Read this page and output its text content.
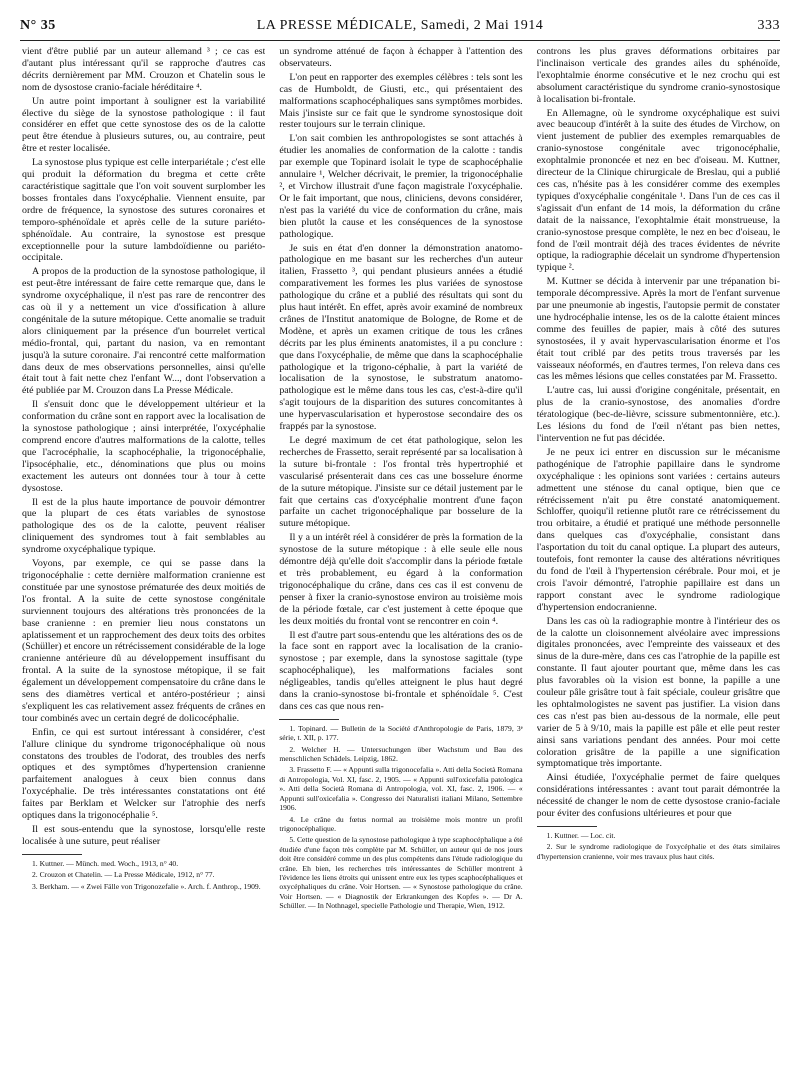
N° 35	LA PRESSE MÉDICALE, Samedi, 2 Mai 1914	333

vient d'être publié par un auteur allemand ³ ; ce cas est d'autant plus intéressant qu'il se rapproche d'autres cas décrits dernièrement par MM. Crouzon et Chatelin sous le nom de dysostose cranio-faciale héréditaire ⁴.

Un autre point important à souligner est la variabilité élective du siège de la synostose pathologique : il faut considérer en effet que cette synostose des os de la calotte peut être étendue à plusieurs sutures, ou, au contraire, peut être et rester localisée.

La synostose plus typique est celle interpariétale ; c'est elle qui produit la déformation du bregma et cette crête caractéristique sagittale que l'on voit souvent surplomber les bosses frontales dans l'oxycéphalie. Viennent ensuite, par ordre de fréquence, la synostose des sutures coronaires et temporo-sphénoïdale et après celle de la suture pariéto-sphénoïdale. Au contraire, la synostose est presque exceptionnelle pour la suture lambdoïdienne ou pariéto-occipitale.

A propos de la production de la synostose pathologique, il est peut-être intéressant de faire cette remarque que, dans le syndrome oxycéphalique, il n'est pas rare de rencontrer des cas où il y a nettement un vice d'ossification à allure congénitale de la suture métopique. Cette anomalie se traduit alors cliniquement par la présence d'un bourrelet vertical médio-frontal, qui, partant du nasion, va en remontant jusqu'à la suture coronaire. J'ai rencontré cette malformation dans deux de mes observations personnelles, ainsi qu'elle était tout à fait nette chez l'enfant W..., dont l'observation a été publiée par M. Crouzon dans La Presse Médicale.

Il s'ensuit donc que le développement ultérieur et la conformation du crâne sont en rapport avec la localisation de la synostose pathologique ; ainsi interprétée, l'oxycéphalie comprend encore d'autres malformations de la calotte, telles que l'acrocéphalie, la scaphocéphalie, la trigonocéphalie, l'ipsocéphalie, etc., dénominations que plus ou moins exactement les auteurs ont données tour à tour à cette dysostose.

Il est de la plus haute importance de pouvoir démontrer que la plupart de ces états variables de synostose pathologique des os de la calotte, peuvent réaliser cliniquement des syndromes tout à fait semblables au syndrome oxycéphalique typique.

Voyons, par exemple, ce qui se passe dans la trigonocéphalie : cette dernière malformation cranienne est constituée par une synostose prématurée des deux moitiés de l'os frontal. A la suite de cette synostose congénitale surviennent toujours des altérations très prononcées de la base cranienne : en premier lieu nous constatons un aplatissement et un rapprochement des deux toits des orbites (Schüller) et encore un rétrécissement considérable de la loge cranienne antérieure dû au développement insuffisant du frontal. A la suite de la synostose métopique, il se fait également un développement compensatoire du crâne dans le sens des diamètres vertical et antéro-postérieur ; ainsi s'expliquent les cas relativement assez fréquents de crânes en tour combinés avec un certain degré de dolicocéphalie.

Enfin, ce qui est surtout intéressant à considérer, c'est l'allure clinique du syndrome trigonocéphalique où nous constatons des troubles de l'odorat, des troubles des nerfs optiques et des symptômes d'hypertension cranienne parfaitement analogues à ceux bien connus dans l'oxycéphalie. De très intéressantes constatations ont été faites par Berklam et Welcker sur l'atrophie des nerfs optiques dans la trigonocéphalie ⁵.

Il est sous-entendu que la synostose, lorsqu'elle reste localisée à une suture, peut réaliser

1. Kuttner. — Münch. med. Woch., 1913, n° 40.

2. Crouzon et Chatelin. — La Presse Médicale, 1912, n° 77.

3. Berkham. — « Zwei Fälle von Trigonozefalie ». Arch. f. Anthrop., 1909.

un syndrome atténué de façon à échapper à l'attention des observateurs.

L'on peut en rapporter des exemples célèbres : tels sont les cas de Humboldt, de Giusti, etc., qui présentaient des malformations scaphocéphaliques sans symptômes morbides. Mais j'insiste sur ce fait que le syndrome synostosique doit rester toujours sur le terrain clinique.

L'on sait combien les anthropologistes se sont attachés à étudier les anomalies de conformation de la calotte : tandis par exemple que Topinard isolait le type de scaphocéphalie annulaire ¹, Welcher décrivait, le premier, la trigonocéphalie ², et Virchow illustrait d'une façon magistrale l'oxycéphalie. Or le fait important, que nous, cliniciens, devons considérer, n'est pas la variété du vice de conformation du crâne, mais bien plutôt la cause et les conséquences de la synostose pathologique.

Je suis en état d'en donner la démonstration anatomo-pathologique en me basant sur les recherches d'un auteur italien, Frassetto ³, qui pendant plusieurs années a étudié comparativement les formes les plus variées de synostose pathologique du crâne et a publié des résultats qui sont du plus haut intérêt. En effet, après avoir examiné de nombreux crânes de l'Institut anatomique de Bologne, de Rome et de Modène, et après un examen critique de tous les crânes décrits par les plus éminents anatomistes, il a pu conclure : que dans l'oxycéphalie, de même que dans la scaphocéphalie pathologique et la trigono-céphalie, à part la variété de localisation de la synostose, le substratum anatomo-pathologique est le même dans tous les cas, c'est-à-dire qu'il s'agit toujours de la disparition des sutures concomitantes à une hypervascularisation et hyperostose secondaire des os frappés par la synostose.

Le degré maximum de cet état pathologique, selon les recherches de Frassetto, serait représenté par sa localisation à la suture bi-frontale : l'os frontal très hypertrophié et vascularisé présenterait dans ces cas une bosselure énorme de la suture métopique. J'insiste sur ce détail justement par le fait que certains cas d'oxycéphalie montrent d'une façon parfaite un cachet trigonocéphalique par bosselure de la suture métopique.

Il y a un intérêt réel à considérer de près la formation de la synostose de la suture métopique : à elle seule elle nous démontre déjà qu'elle doit s'accomplir dans la période fœtale et très probablement, eu égard à la conformation trigonocéphalique du crâne, dans ces cas il est convenu de penser à fixer la cranio-synostose environ au troisième mois de la période fœtale, car c'est justement à cette époque que les deux moitiés du frontal vont se rencontrer en coin ⁴.

Il est d'autre part sous-entendu que les altérations des os de la face sont en rapport avec la localisation de la cranio-synostose ; par exemple, dans la synostose sagittale (type scaphocéphalique), les malformations faciales sont négligeables, tandis qu'elles atteignent le plus haut degré dans la cranio-synostose bi-frontale et sphénoïdale ⁵. C'est dans ces cas que nous ren-

1. Topinard. — Bulletin de la Société d'Anthropologie de Paris, 1879, 3ᵉ série, t. XII, p. 177.

2. Welcher H. — Untersuchungen über Wachstum und Bau des menschlichen Schädels. Leipzig, 1862.

3. Frassetto F. — « Appunti sulla trigonocefalia ». Atti della Società Romana di Antropologia, Vol. XI, fasc. 2, 1905. — « Appunti sull'oxicefalia patologica ». Atti della Società Romana di Antropologia, vol. XI, fasc. 2, 1906. — « Appunti sull'oxicefalia ». Congresso dei Naturalisti italiani Milano, Settembre 1906.

4. Le crâne du fœtus normal au troisième mois montre un profil trigonocéphalique.

5. Cette question de la synostose pathologique à type scaphocéphalique a été étudiée d'une façon très complète par M. Schüller, un auteur qui de nos jours doit être considéré comme un des plus compétents dans l'étude radiologique du crâne. Eh bien, les recherches très intéressantes de Schüller montrent à l'évidence les liens étroits qui unissent entre eux les types scaphocéphaliques et oxycéphaliques du crâne. Voir Hortsen. — « Synostose pathologique du crâne. Voir Hortsen. — « Diagnostik der Erkrankungen des Kopfes ». — Dr A. Schüller. — In Nothnagel, specielle Pathologie und Therapie, Wien, 1912.

controns les plus graves déformations orbitaires par l'inclinaison verticale des grandes ailes du sphénoïde, l'exophtalmie énorme consécutive et le nez crochu qui est absolument caractéristique du syndrome cranio-synostosique à localisation bi-frontale.

En Allemagne, où le syndrome oxycéphalique est suivi avec beaucoup d'intérêt à la suite des études de Virchow, on vient justement de publier des exemples remarquables de cranio-synostose congénitale avec trigonocéphalie, exophtalmie prononcée et nez en bec d'oiseau. M. Kuttner, directeur de la Clinique chirurgicale de Breslau, qui a publié ces cas, n'hésite pas à les considérer comme des exemples typiques d'oxycéphalie congénitale ¹. Dans l'un de ces cas il s'agissait d'un enfant de 14 mois, la déformation du crâne datait de la naissance, l'exophtalmie était monstrueuse, la cranio-synostose presque complète, le nez en bec d'oiseau, le fond de l'œil montrait déjà des traces évidentes de névrite optique, la radiographie décelait un syndrome d'hypertension typique ².

M. Kuttner se décida à intervenir par une trépanation bi-temporale décompressive. Après la mort de l'enfant survenue par une pneumonie ab ingestis, l'autopsie permit de constater une hydrocéphalie intense, les os de la calotte étaient minces comme des feuilles de papier, mais à côté des sutures synostosées, il y avait hypervascularisation énorme et l'os était tout criblé par des petits trous traversés par les vaisseaux néoformés, en d'autres termes, l'on releva dans ces cas les mêmes lésions que celles constatées par M. Frassetto.

L'autre cas, lui aussi d'origine congénitale, présentait, en plus de la cranio-synostose, des anomalies d'ordre tératologique (bec-de-lièvre, scissure submentonnière, etc.). Les lésions du fond de l'œil n'étant pas bien nettes, l'intervention ne fut pas décidée.

Je ne peux ici entrer en discussion sur le mécanisme pathogénique de l'atrophie papillaire dans le syndrome oxycéphalique : les opinions sont variées : certains auteurs admettent une sténose du canal optique, bien que ce rétrécissement n'ait pu être constaté anatomiquement. Schloffer, quoiqu'il retienne plutôt rare ce rétrécissement du trou orbitaire, a étudié et pratiqué une méthode personnelle dans quelques cas d'oxycéphalie, consistant dans l'asportation du toit du canal optique. La plupart des auteurs, toutefois, font remonter la cause des altérations névritiques du fond de l'œil à l'hypertension cérébrale. Pour moi, et je crois l'avoir démontré, l'atrophie papillaire est dans un rapport constant avec le syndrome radiologique d'hypertension endocranienne.

Dans les cas où la radiographie montre à l'intérieur des os de la calotte un cloisonnement alvéolaire avec impressions digitales prononcées, avec l'empreinte des vaisseaux et des sinus de la dure-mère, dans ces cas l'atrophie de la papille est constante. Il faut ajouter pourtant que, même dans les cas plus favorables où la vision est bonne, la papille a une couleur pâle grisâtre tout à fait spéciale, couleur grisâtre que les ophtalmologistes ne savent pas justifier. La vision dans ces cas n'est pas bien au-dessous de la normale, elle peut varier de 5 à 9/10, mais la papille est pâle et elle peut rester ainsi sans variations pendant des années. Pour moi cette coloration grisâtre de la papille a une signification symptomatique très importante.

Ainsi étudiée, l'oxycéphalie permet de faire quelques considérations intéressantes : avant tout parait démontrée la nécessité de changer le nom de cette dysostose cranio-faciale pour éviter des confusions ultérieures et pour que

1. Kuttner. — Loc. cit.

2. Sur le syndrome radiologique de l'oxycéphalie et des états similaires d'hypertension cranienne, voir mes travaux plus haut cités.
